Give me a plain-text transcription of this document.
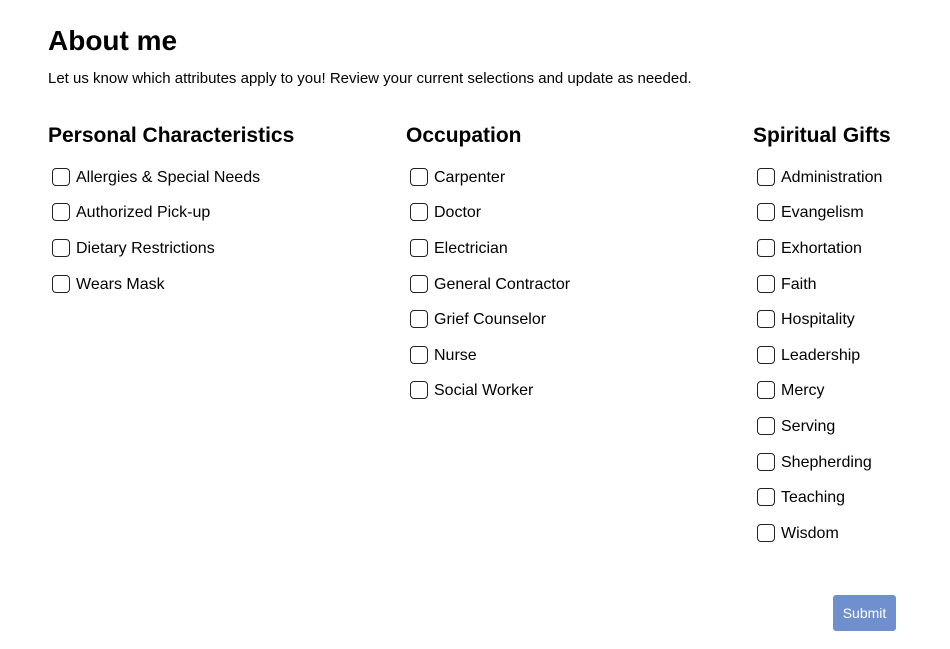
About me

Let us know which attributes apply to you! Review your current selections and update as needed.

Personal Characteristics
Allergies & Special Needs
Authorized Pick-up
Dietary Restrictions
Wears Mask
Occupation
Carpenter
Doctor
Electrician
General Contractor
Grief Counselor
Nurse
Social Worker
Spiritual Gifts
Administration
Evangelism
Exhortation
Faith
Hospitality
Leadership
Mercy
Serving
Shepherding
Teaching
Wisdom
Submit
